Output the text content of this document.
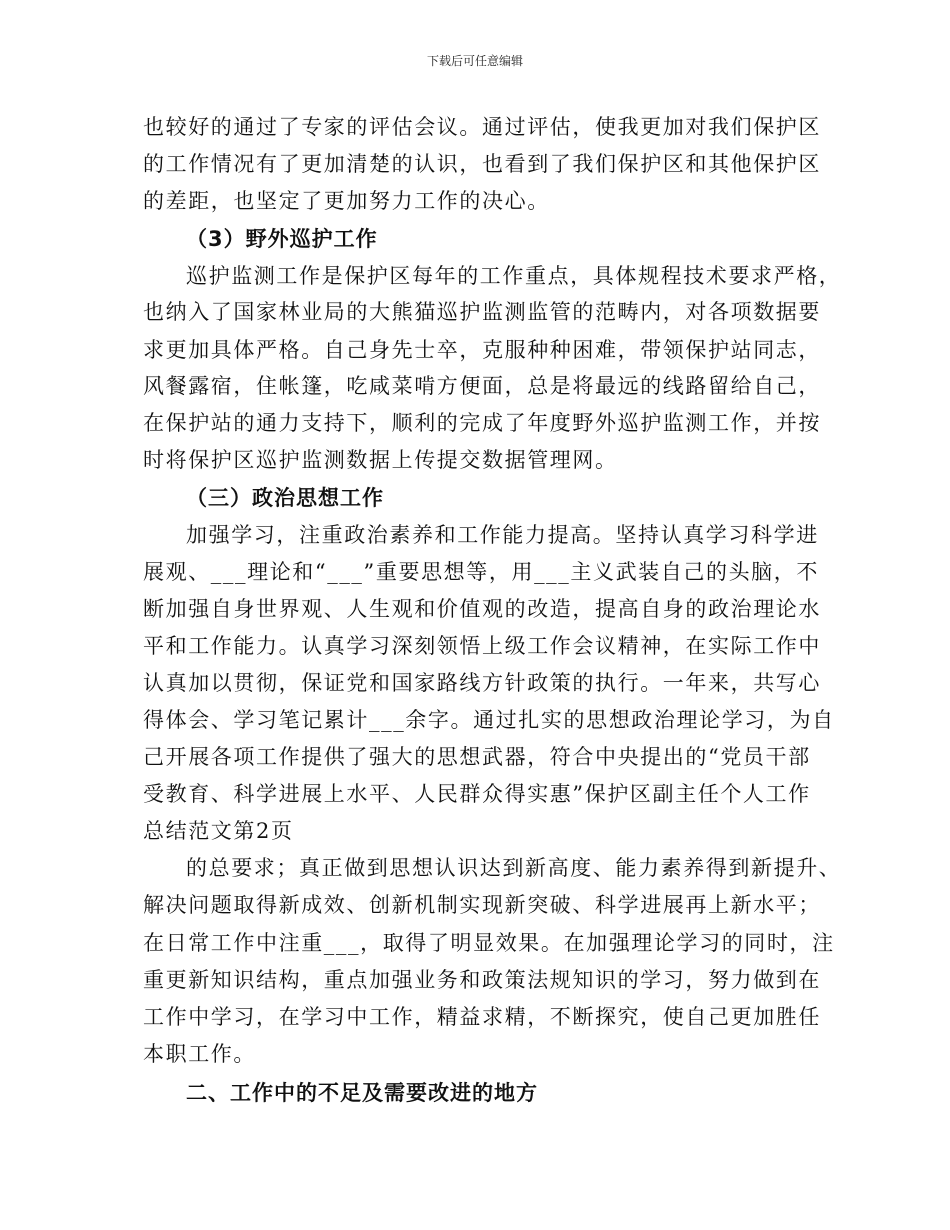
下载后可任意编辑
也较好的通过了专家的评估会议。通过评估，使我更加对我们保护区
的工作情况有了更加清楚的认识，也看到了我们保护区和其他保护区
的差距，也坚定了更加努力工作的决心。
（3）野外巡护工作
巡护监测工作是保护区每年的工作重点，具体规程技术要求严格，
也纳入了国家林业局的大熊猫巡护监测监管的范畴内，对各项数据要
求更加具体严格。自己身先士卒，克服种种困难，带领保护站同志，
风餐露宿，住帐篷，吃咸菜啃方便面，总是将最远的线路留给自己，
在保护站的通力支持下，顺利的完成了年度野外巡护监测工作，并按
时将保护区巡护监测数据上传提交数据管理网。
（三）政治思想工作
加强学习，注重政治素养和工作能力提高。坚持认真学习科学进
展观、___理论和“___”重要思想等，用___主义武装自己的头脑，不
断加强自身世界观、人生观和价值观的改造，提高自身的政治理论水
平和工作能力。认真学习深刻领悟上级工作会议精神，在实际工作中
认真加以贯彻，保证党和国家路线方针政策的执行。一年来，共写心
得体会、学习笔记累计___余字。通过扎实的思想政治理论学习，为自
己开展各项工作提供了强大的思想武器，符合中央提出的“党员干部
受教育、科学进展上水平、人民群众得实惠”保护区副主任个人工作
总结范文第2页
的总要求；真正做到思想认识达到新高度、能力素养得到新提升、
解决问题取得新成效、创新机制实现新突破、科学进展再上新水平；
在日常工作中注重___，取得了明显效果。在加强理论学习的同时，注
重更新知识结构，重点加强业务和政策法规知识的学习，努力做到在
工作中学习，在学习中工作，精益求精，不断探究，使自己更加胜任
本职工作。
二、工作中的不足及需要改进的地方
